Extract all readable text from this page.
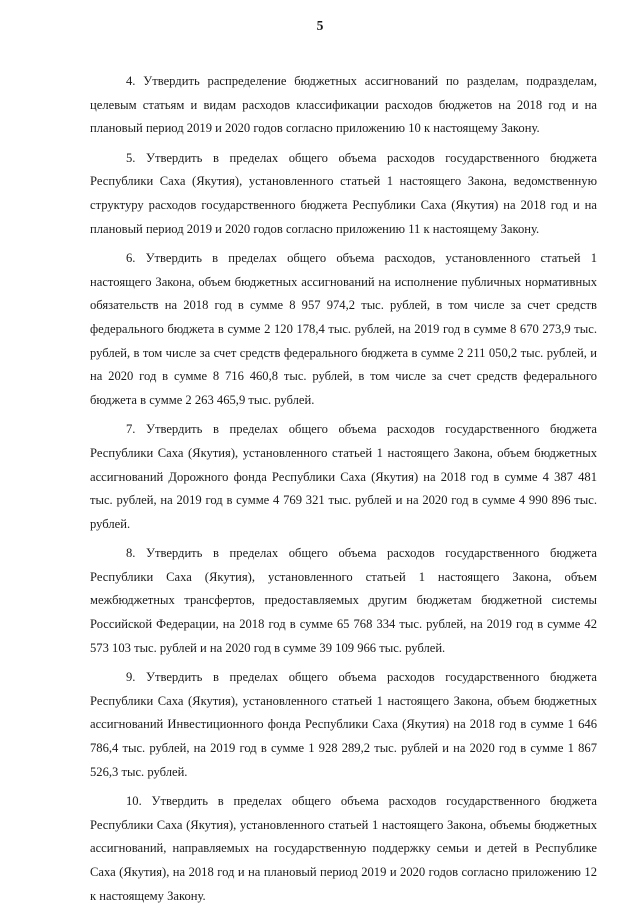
5

4. Утвердить распределение бюджетных ассигнований по разделам, подразделам, целевым статьям и видам расходов классификации расходов бюджетов на 2018 год и на плановый период 2019 и 2020 годов согласно приложению 10 к настоящему Закону.

5. Утвердить в пределах общего объема расходов государственного бюджета Республики Саха (Якутия), установленного статьей 1 настоящего Закона, ведомственную структуру расходов государственного бюджета Республики Саха (Якутия) на 2018 год и на плановый период 2019 и 2020 годов согласно приложению 11 к настоящему Закону.

6. Утвердить в пределах общего объема расходов, установленного статьей 1 настоящего Закона, объем бюджетных ассигнований на исполнение публичных нормативных обязательств на 2018 год в сумме 8 957 974,2 тыс. рублей, в том числе за счет средств федерального бюджета в сумме 2 120 178,4 тыс. рублей, на 2019 год в сумме 8 670 273,9 тыс. рублей, в том числе за счет средств федерального бюджета в сумме 2 211 050,2 тыс. рублей, и на 2020 год в сумме 8 716 460,8 тыс. рублей, в том числе за счет средств федерального бюджета в сумме 2 263 465,9 тыс. рублей.

7. Утвердить в пределах общего объема расходов государственного бюджета Республики Саха (Якутия), установленного статьей 1 настоящего Закона, объем бюджетных ассигнований Дорожного фонда Республики Саха (Якутия) на 2018 год в сумме 4 387 481 тыс. рублей, на 2019 год в сумме 4 769 321 тыс. рублей и на 2020 год в сумме 4 990 896 тыс. рублей.

8. Утвердить в пределах общего объема расходов государственного бюджета Республики Саха (Якутия), установленного статьей 1 настоящего Закона, объем межбюджетных трансфертов, предоставляемых другим бюджетам бюджетной системы Российской Федерации, на 2018 год в сумме 65 768 334 тыс. рублей, на 2019 год в сумме 42 573 103 тыс. рублей и на 2020 год в сумме 39 109 966 тыс. рублей.

9. Утвердить в пределах общего объема расходов государственного бюджета Республики Саха (Якутия), установленного статьей 1 настоящего Закона, объем бюджетных ассигнований Инвестиционного фонда Республики Саха (Якутия) на 2018 год в сумме 1 646 786,4 тыс. рублей, на 2019 год в сумме 1 928 289,2 тыс. рублей и на 2020 год в сумме 1 867 526,3 тыс. рублей.

10. Утвердить в пределах общего объема расходов государственного бюджета Республики Саха (Якутия), установленного статьей 1 настоящего Закона, объемы бюджетных ассигнований, направляемых на государственную поддержку семьи и детей в Республике Саха (Якутия), на 2018 год и на плановый период 2019 и 2020 годов согласно приложению 12 к настоящему Закону.
